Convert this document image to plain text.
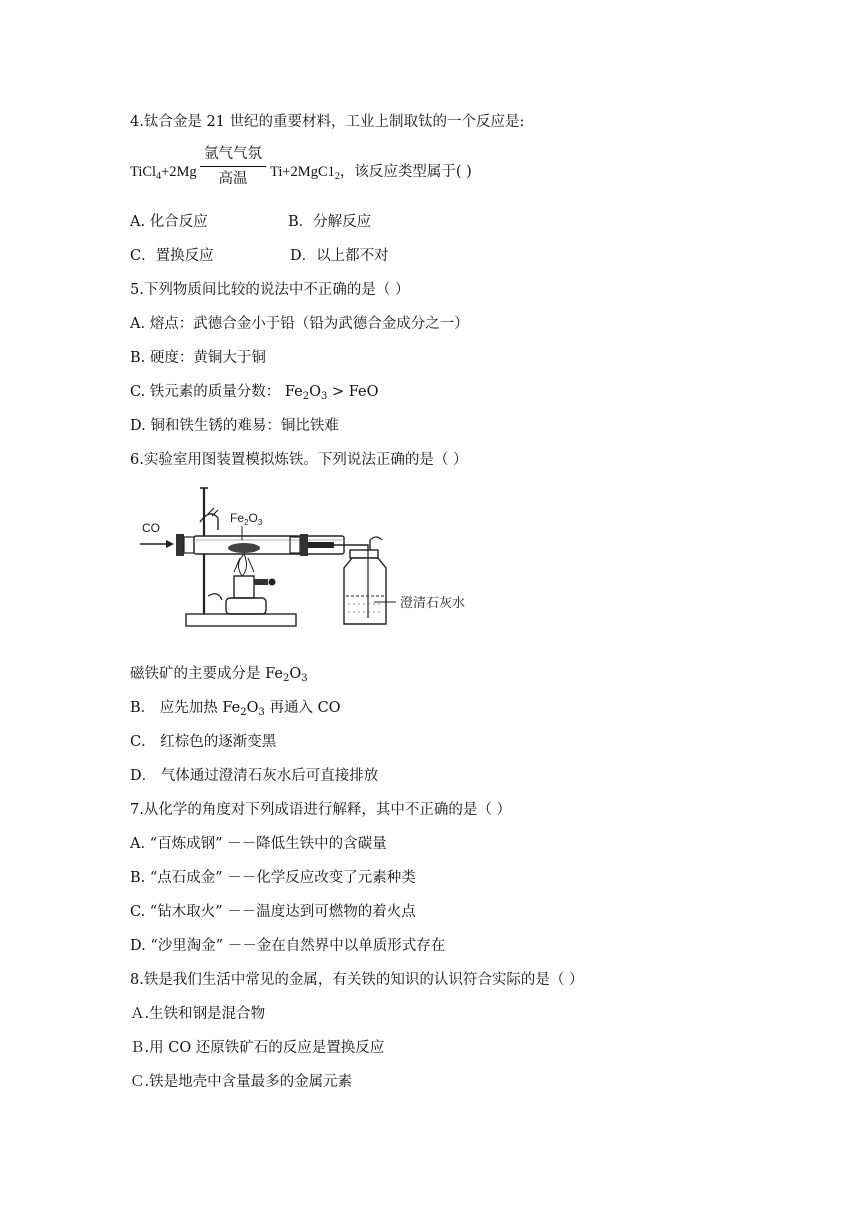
4.钛合金是 21 世纪的重要材料，工业上制取钛的一个反应是:
TiCl$_4$+2Mg
氩气气氛
高温	$Ti+2MgC1_2$，该反应类型属于( )
A. 化合反应	B．分解反应
C．置换反应	D．以上都不对
5.下列物质间比较的说法中不正确的是（ ）
A. 熔点：武德合金小于铅（铅为武德合金成分之一）
B. 硬度：黄铜大于铜
C. 铁元素的质量分数： $Fe_2O_3$ > FeO
D. 铜和铁生锈的难易：铜比铁难
6.实验室用图装置模拟炼铁。下列说法正确的是（ ）
CO
$Fe_2O_3$
澄清石灰水
磁铁矿的主要成分是 $Fe_2O_3$
B． 应先加热 $Fe_2O_3$ 再通入 CO
C． 红棕色的逐渐变黑
D． 气体通过澄清石灰水后可直接排放
7.从化学的角度对下列成语进行解释，其中不正确的是（ ）
A. “百炼成钢” －－降低生铁中的含碳量
B. “点石成金” －－化学反应改变了元素种类
C. “钻木取火” －－温度达到可燃物的着火点
D. “沙里淘金” －－金在自然界中以单质形式存在
8.铁是我们生活中常见的金属，有关铁的知识的认识符合实际的是（ ）
Ａ.生铁和钢是混合物
Ｂ.用 CO 还原铁矿石的反应是置换反应
Ｃ.铁是地壳中含量最多的金属元素
